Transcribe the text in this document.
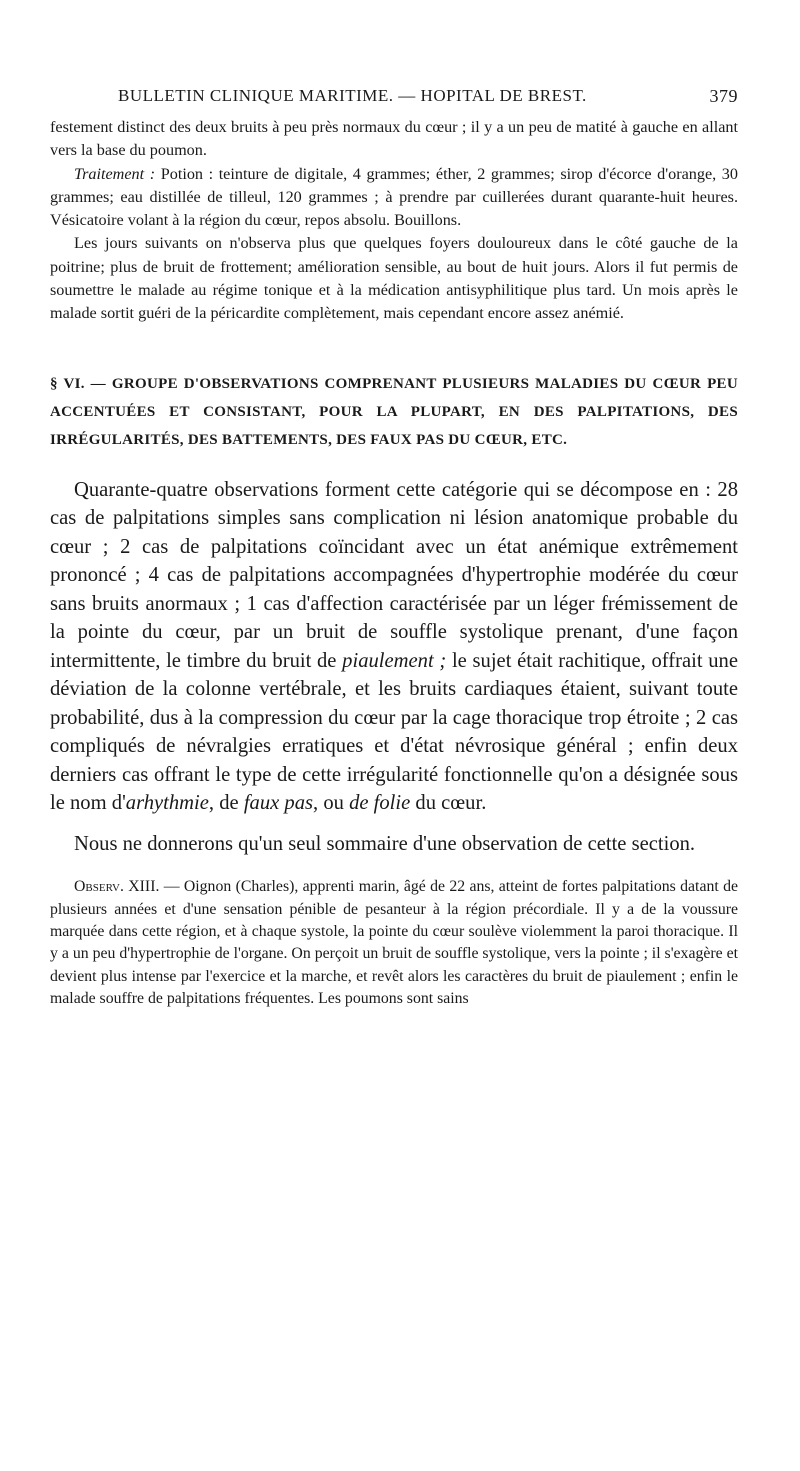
BULLETIN CLINIQUE MARITIME. — HOPITAL DE BREST.	379

festement distinct des deux bruits à peu près normaux du cœur ; il y a un peu de matité à gauche en allant vers la base du poumon.

Traitement : Potion : teinture de digitale, 4 grammes; éther, 2 grammes; sirop d'écorce d'orange, 30 grammes; eau distillée de tilleul, 120 grammes ; à prendre par cuillerées durant quarante-huit heures. Vésicatoire volant à la région du cœur, repos absolu. Bouillons.

Les jours suivants on n'observa plus que quelques foyers douloureux dans le côté gauche de la poitrine; plus de bruit de frottement; amélioration sensible, au bout de huit jours. Alors il fut permis de soumettre le malade au régime tonique et à la médication antisyphilitique plus tard. Un mois après le malade sortit guéri de la péricardite complètement, mais cependant encore assez anémié.

§ VI. — GROUPE D'OBSERVATIONS COMPRENANT PLUSIEURS MALADIES DU CŒUR PEU ACCENTUÉES ET CONSISTANT, POUR LA PLUPART, EN DES PALPITATIONS, DES IRRÉGULARITÉS, DES BATTEMENTS, DES FAUX PAS DU CŒUR, ETC.

Quarante-quatre observations forment cette catégorie qui se décompose en : 28 cas de palpitations simples sans complication ni lésion anatomique probable du cœur ; 2 cas de palpitations coïncidant avec un état anémique extrêmement prononcé ; 4 cas de palpitations accompagnées d'hypertrophie modérée du cœur sans bruits anormaux ; 1 cas d'affection caractérisée par un léger frémissement de la pointe du cœur, par un bruit de souffle systolique prenant, d'une façon intermittente, le timbre du bruit de piaulement ; le sujet était rachitique, offrait une déviation de la colonne vertébrale, et les bruits cardiaques étaient, suivant toute probabilité, dus à la compression du cœur par la cage thoracique trop étroite ; 2 cas compliqués de névralgies erratiques et d'état névrosique général ; enfin deux derniers cas offrant le type de cette irrégularité fonctionnelle qu'on a désignée sous le nom d'arhythmie, de faux pas, ou de folie du cœur.

Nous ne donnerons qu'un seul sommaire d'une observation de cette section.

Observ. XIII. — Oignon (Charles), apprenti marin, âgé de 22 ans, atteint de fortes palpitations datant de plusieurs années et d'une sensation pénible de pesanteur à la région précordiale. Il y a de la voussure marquée dans cette région, et à chaque systole, la pointe du cœur soulève violemment la paroi thoracique. Il y a un peu d'hypertrophie de l'organe. On perçoit un bruit de souffle systolique, vers la pointe ; il s'exagère et devient plus intense par l'exercice et la marche, et revêt alors les caractères du bruit de piaulement ; enfin le malade souffre de palpitations fréquentes. Les poumons sont sains
